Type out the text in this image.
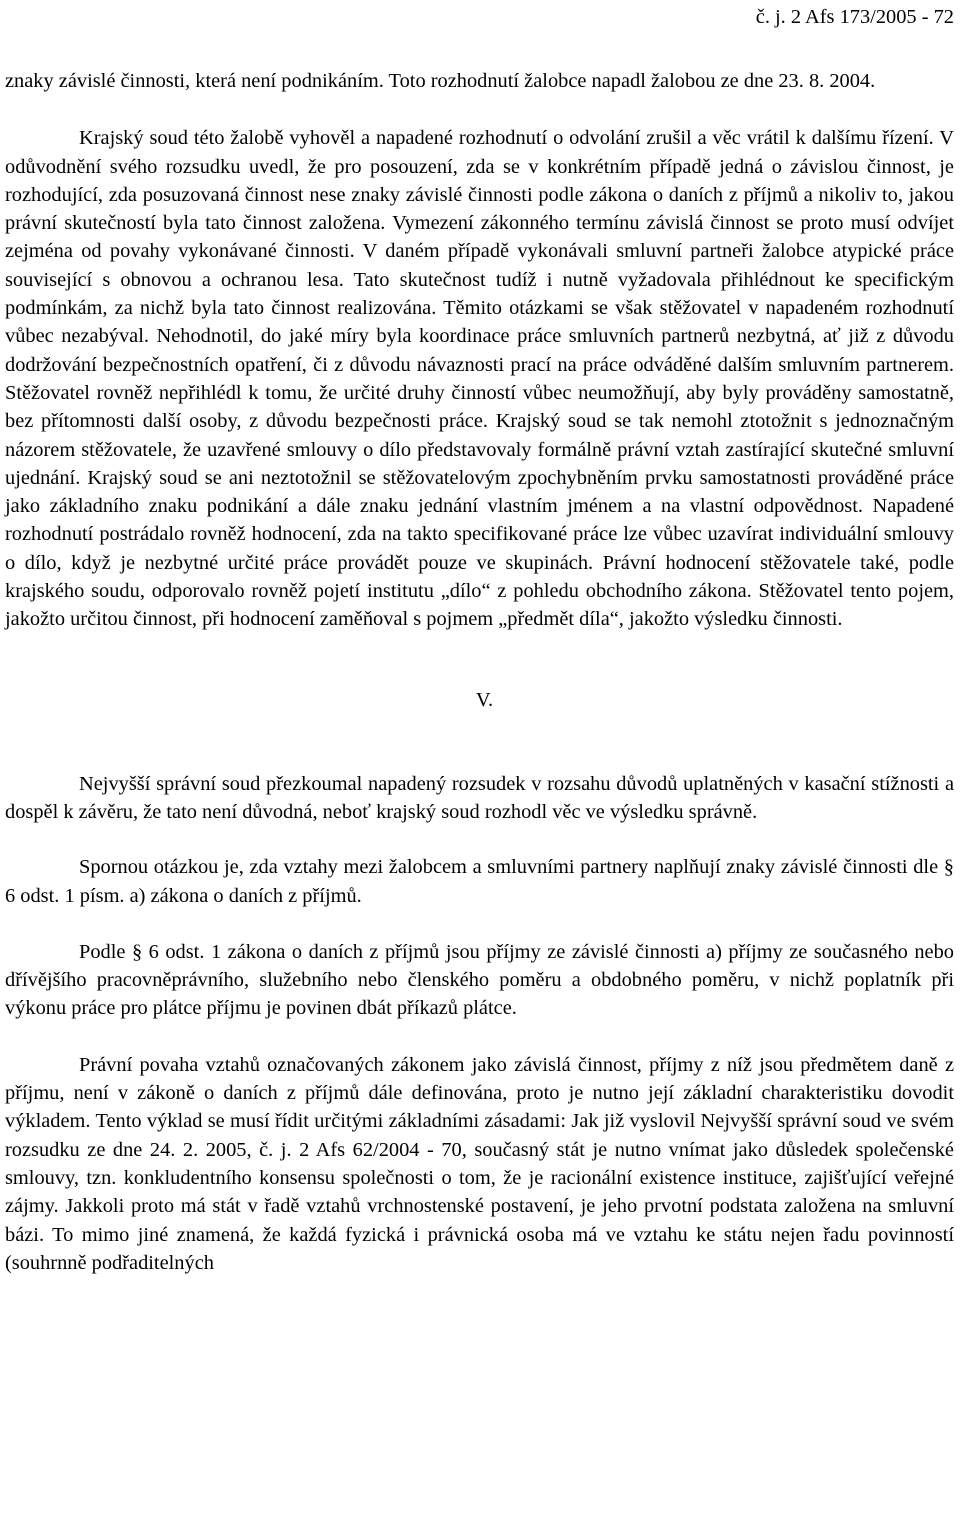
č. j. 2 Afs 173/2005 - 72

znaky závislé činnosti, která není podnikáním. Toto rozhodnutí žalobce napadl žalobou ze dne 23. 8. 2004.

Krajský soud této žalobě vyhověl a napadené rozhodnutí o odvolání zrušil a věc vrátil k dalšímu řízení. V odůvodnění svého rozsudku uvedl, že pro posouzení, zda se v konkrétním případě jedná o závislou činnost, je rozhodující, zda posuzovaná činnost nese znaky závislé činnosti podle zákona o daních z příjmů a nikoliv to, jakou právní skutečností byla tato činnost založena. Vymezení zákonného termínu závislá činnost se proto musí odvíjet zejména od povahy vykonávané činnosti. V daném případě vykonávali smluvní partneři žalobce atypické práce související s obnovou a ochranou lesa. Tato skutečnost tudíž i nutně vyžadovala přihlédnout ke specifickým podmínkám, za nichž byla tato činnost realizována. Těmito otázkami se však stěžovatel v napadeném rozhodnutí vůbec nezabýval. Nehodnotil, do jaké míry byla koordinace práce smluvních partnerů nezbytná, ať již z důvodu dodržování bezpečnostních opatření, či z důvodu návaznosti prací na práce odváděné dalším smluvním partnerem. Stěžovatel rovněž nepřihlédl k tomu, že určité druhy činností vůbec neumožňují, aby byly prováděny samostatně, bez přítomnosti další osoby, z důvodu bezpečnosti práce. Krajský soud se tak nemohl ztotožnit s jednoznačným názorem stěžovatele, že uzavřené smlouvy o dílo představovaly formálně právní vztah zastírající skutečné smluvní ujednání. Krajský soud se ani neztotožnil se stěžovatelovým zpochybněním prvku samostatnosti prováděné práce jako základního znaku podnikání a dále znaku jednání vlastním jménem a na vlastní odpovědnost. Napadené rozhodnutí postrádalo rovněž hodnocení, zda na takto specifikované práce lze vůbec uzavírat individuální smlouvy o dílo, když je nezbytné určité práce provádět pouze ve skupinách. Právní hodnocení stěžovatele také, podle krajského soudu, odporovalo rovněž pojetí institutu „dílo“ z pohledu obchodního zákona. Stěžovatel tento pojem, jakožto určitou činnost, při hodnocení zaměňoval s pojmem „předmět díla“, jakožto výsledku činnosti.

V.

Nejvyšší správní soud přezkoumal napadený rozsudek v rozsahu důvodů uplatněných v kasační stížnosti a dospěl k závěru, že tato není důvodná, neboť krajský soud rozhodl věc ve výsledku správně.

Spornou otázkou je, zda vztahy mezi žalobcem a smluvními partnery naplňují znaky závislé činnosti dle § 6 odst. 1 písm. a) zákona o daních z příjmů.

Podle § 6 odst. 1 zákona o daních z příjmů jsou příjmy ze závislé činnosti a) příjmy ze současného nebo dřívějšího pracovněprávního, služebního nebo členského poměru a obdobného poměru, v nichž poplatník při výkonu práce pro plátce příjmu je povinen dbát příkazů plátce.

Právní povaha vztahů označovaných zákonem jako závislá činnost, příjmy z níž jsou předmětem daně z příjmu, není v zákoně o daních z příjmů dále definována, proto je nutno její základní charakteristiku dovodit výkladem. Tento výklad se musí řídit určitými základními zásadami: Jak již vyslovil Nejvyšší správní soud ve svém rozsudku ze dne 24. 2. 2005, č. j. 2 Afs 62/2004 - 70, současný stát je nutno vnímat jako důsledek společenské smlouvy, tzn. konkludentního konsensu společnosti o tom, že je racionální existence instituce, zajišťující veřejné zájmy. Jakkoli proto má stát v řadě vztahů vrchnostenské postavení, je jeho prvotní podstata založena na smluvní bázi. To mimo jiné znamená, že každá fyzická i právnická osoba má ve vztahu ke státu nejen řadu povinností (souhrnně podřaditelných
